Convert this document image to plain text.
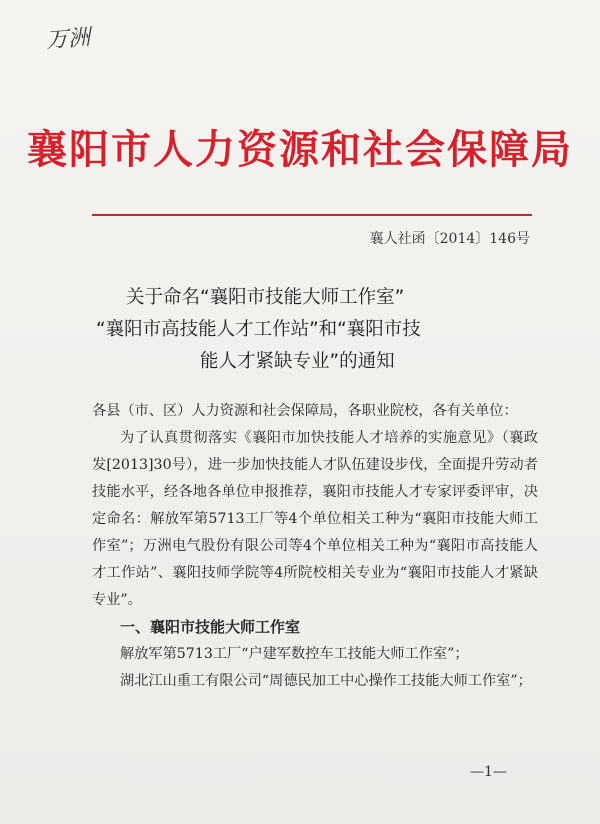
万洲
襄阳市人力资源和社会保障局
襄人社函〔2014〕146号
关于命名“襄阳市技能大师工作室”
“襄阳市高技能人才工作站”和“襄阳市技
能人才紧缺专业”的通知

各县（市、区）人力资源和社会保障局，各职业院校，各有关单位：

为了认真贯彻落实《襄阳市加快技能人才培养的实施意见》（襄政发[2013]30号），进一步加快技能人才队伍建设步伐，全面提升劳动者技能水平，经各地各单位申报推荐，襄阳市技能人才专家评委评审，决定命名：解放军第5713工厂等4个单位相关工种为“襄阳市技能大师工作室”；万洲电气股份有限公司等4个单位相关工种为“襄阳市高技能人才工作站”、襄阳技师学院等4所院校相关专业为“襄阳市技能人才紧缺专业”。

一、襄阳市技能大师工作室

解放军第5713工厂“户建军数控车工技能大师工作室”；

湖北江山重工有限公司“周德民加工中心操作工技能大师工作室”；

—1—
